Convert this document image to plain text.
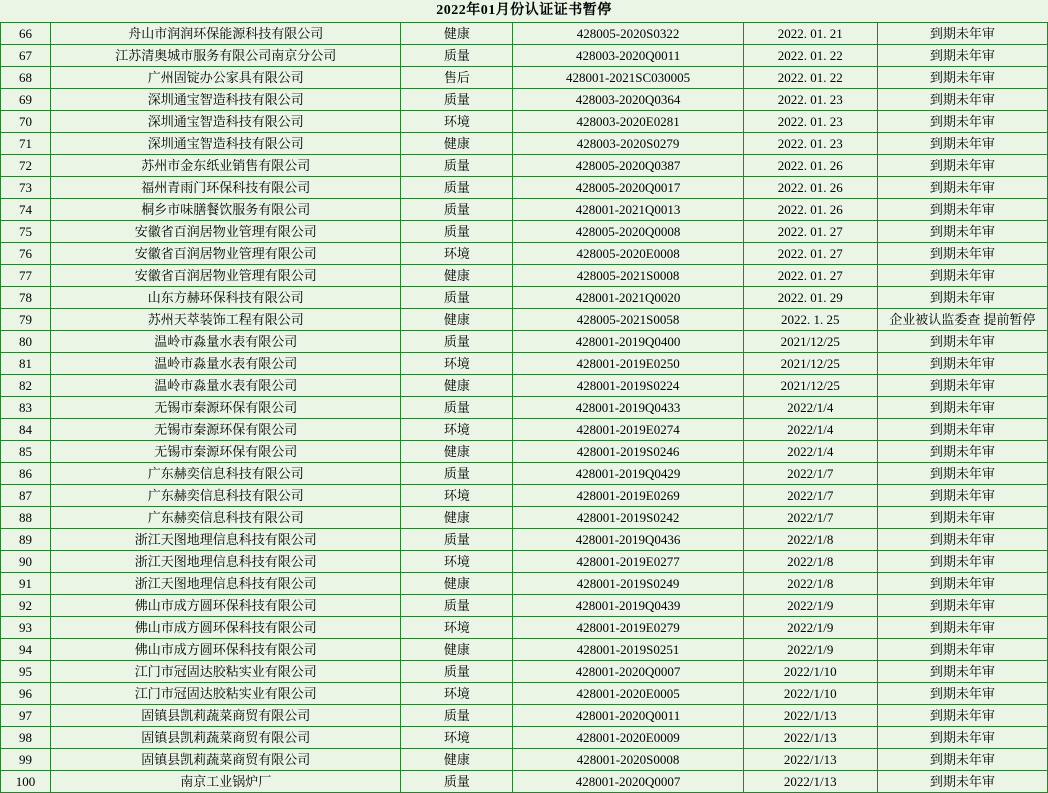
2022年01月份认证证书暂停
66	舟山市润润环保能源科技有限公司	健康	428005-2020S0322	2022. 01. 21	到期未年审
67	江苏清奥城市服务有限公司南京分公司	质量	428003-2020Q0011	2022. 01. 22	到期未年审
68	广州固锭办公家具有限公司	售后	428001-2021SC030005	2022. 01. 22	到期未年审
69	深圳通宝智造科技有限公司	质量	428003-2020Q0364	2022. 01. 23	到期未年审
70	深圳通宝智造科技有限公司	环境	428003-2020E0281	2022. 01. 23	到期未年审
71	深圳通宝智造科技有限公司	健康	428003-2020S0279	2022. 01. 23	到期未年审
72	苏州市金东纸业销售有限公司	质量	428005-2020Q0387	2022. 01. 26	到期未年审
73	福州青雨门环保科技有限公司	质量	428005-2020Q0017	2022. 01. 26	到期未年审
74	桐乡市味膳餐饮服务有限公司	质量	428001-2021Q0013	2022. 01. 26	到期未年审
75	安徽省百润居物业管理有限公司	质量	428005-2020Q0008	2022. 01. 27	到期未年审
76	安徽省百润居物业管理有限公司	环境	428005-2020E0008	2022. 01. 27	到期未年审
77	安徽省百润居物业管理有限公司	健康	428005-2021S0008	2022. 01. 27	到期未年审
78	山东方赫环保科技有限公司	质量	428001-2021Q0020	2022. 01. 29	到期未年审
79	苏州天萃装饰工程有限公司	健康	428005-2021S0058	2022. 1. 25	企业被认监委查 提前暂停
80	温岭市淼量水表有限公司	质量	428001-2019Q0400	2021/12/25	到期未年审
81	温岭市淼量水表有限公司	环境	428001-2019E0250	2021/12/25	到期未年审
82	温岭市淼量水表有限公司	健康	428001-2019S0224	2021/12/25	到期未年审
83	无锡市秦源环保有限公司	质量	428001-2019Q0433	2022/1/4	到期未年审
84	无锡市秦源环保有限公司	环境	428001-2019E0274	2022/1/4	到期未年审
85	无锡市秦源环保有限公司	健康	428001-2019S0246	2022/1/4	到期未年审
86	广东赫奕信息科技有限公司	质量	428001-2019Q0429	2022/1/7	到期未年审
87	广东赫奕信息科技有限公司	环境	428001-2019E0269	2022/1/7	到期未年审
88	广东赫奕信息科技有限公司	健康	428001-2019S0242	2022/1/7	到期未年审
89	浙江天图地理信息科技有限公司	质量	428001-2019Q0436	2022/1/8	到期未年审
90	浙江天图地理信息科技有限公司	环境	428001-2019E0277	2022/1/8	到期未年审
91	浙江天图地理信息科技有限公司	健康	428001-2019S0249	2022/1/8	到期未年审
92	佛山市成方圆环保科技有限公司	质量	428001-2019Q0439	2022/1/9	到期未年审
93	佛山市成方圆环保科技有限公司	环境	428001-2019E0279	2022/1/9	到期未年审
94	佛山市成方圆环保科技有限公司	健康	428001-2019S0251	2022/1/9	到期未年审
95	江门市冠固达胶粘实业有限公司	质量	428001-2020Q0007	2022/1/10	到期未年审
96	江门市冠固达胶粘实业有限公司	环境	428001-2020E0005	2022/1/10	到期未年审
97	固镇县凯莉蔬菜商贸有限公司	质量	428001-2020Q0011	2022/1/13	到期未年审
98	固镇县凯莉蔬菜商贸有限公司	环境	428001-2020E0009	2022/1/13	到期未年审
99	固镇县凯莉蔬菜商贸有限公司	健康	428001-2020S0008	2022/1/13	到期未年审
100	南京工业锅炉厂	质量	428001-2020Q0007	2022/1/13	到期未年审
